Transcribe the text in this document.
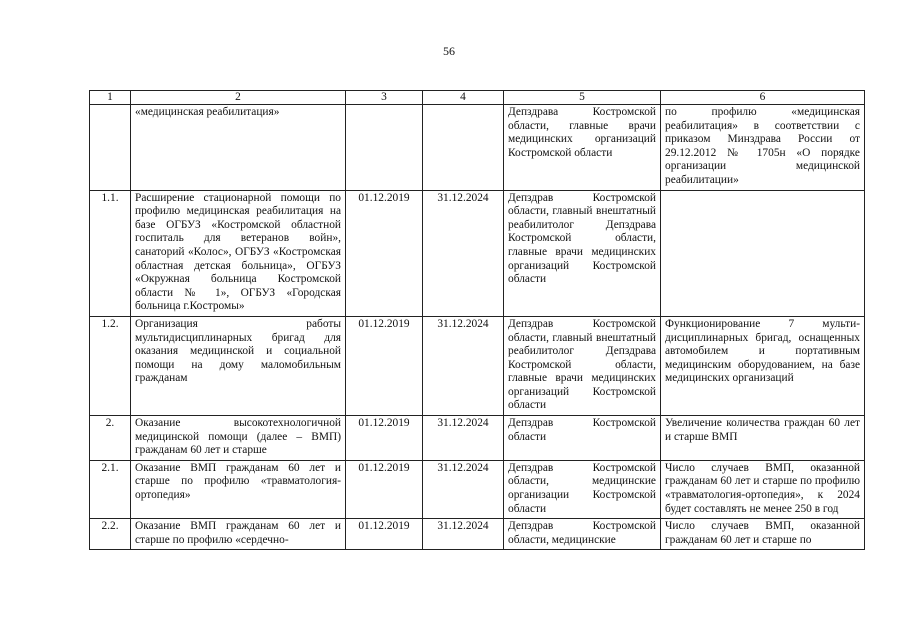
56
1	2	3	4	5	6
	«медицинская реабилитация»			Депздрава Костромской области, главные врачи медицинских организаций Костромской области	по профилю «медицинская реабилитация» в соответствии с приказом Минздрава России от 29.12.2012 № 1705н «О порядке организации медицинской реабилитации»
1.1.	Расширение стационарной помощи по профилю медицинская реабилитация на базе ОГБУЗ «Костромской областной госпиталь для ветеранов войн», санаторий «Колос», ОГБУЗ «Костромская областная детская больница», ОГБУЗ «Окружная больница Костромской области № 1», ОГБУЗ «Городская больница г.Костромы»	01.12.2019	31.12.2024	Депздрав Костромской области, главный внештатный реабилитолог Депздрава Костромской области, главные врачи медицинских организаций Костромской области	
1.2.	Организация работы мультидисциплинарных бригад для оказания медицинской и социальной помощи на дому маломобильным гражданам	01.12.2019	31.12.2024	Депздрав Костромской области, главный внештатный реабилитолог Депздрава Костромской области, главные врачи медицинских организаций Костромской области	Функционирование 7 мульти-дисциплинарных бригад, оснащенных автомобилем и портативным медицинским оборудованием, на базе медицинских организаций
2.	Оказание высокотехнологичной медицинской помощи (далее – ВМП) гражданам 60 лет и старше	01.12.2019	31.12.2024	Депздрав Костромской области	Увеличение количества граждан 60 лет и старше ВМП
2.1.	Оказание ВМП гражданам 60 лет и старше по профилю «травматология-ортопедия»	01.12.2019	31.12.2024	Депздрав Костромской области, медицинские организации Костромской области	Число случаев ВМП, оказанной гражданам 60 лет и старше по профилю «травматология-ортопедия», к 2024 будет составлять не менее 250 в год
2.2.	Оказание ВМП гражданам 60 лет и старше по профилю «сердечно-	01.12.2019	31.12.2024	Депздрав Костромской области, медицинские	Число случаев ВМП, оказанной гражданам 60 лет и старше по
